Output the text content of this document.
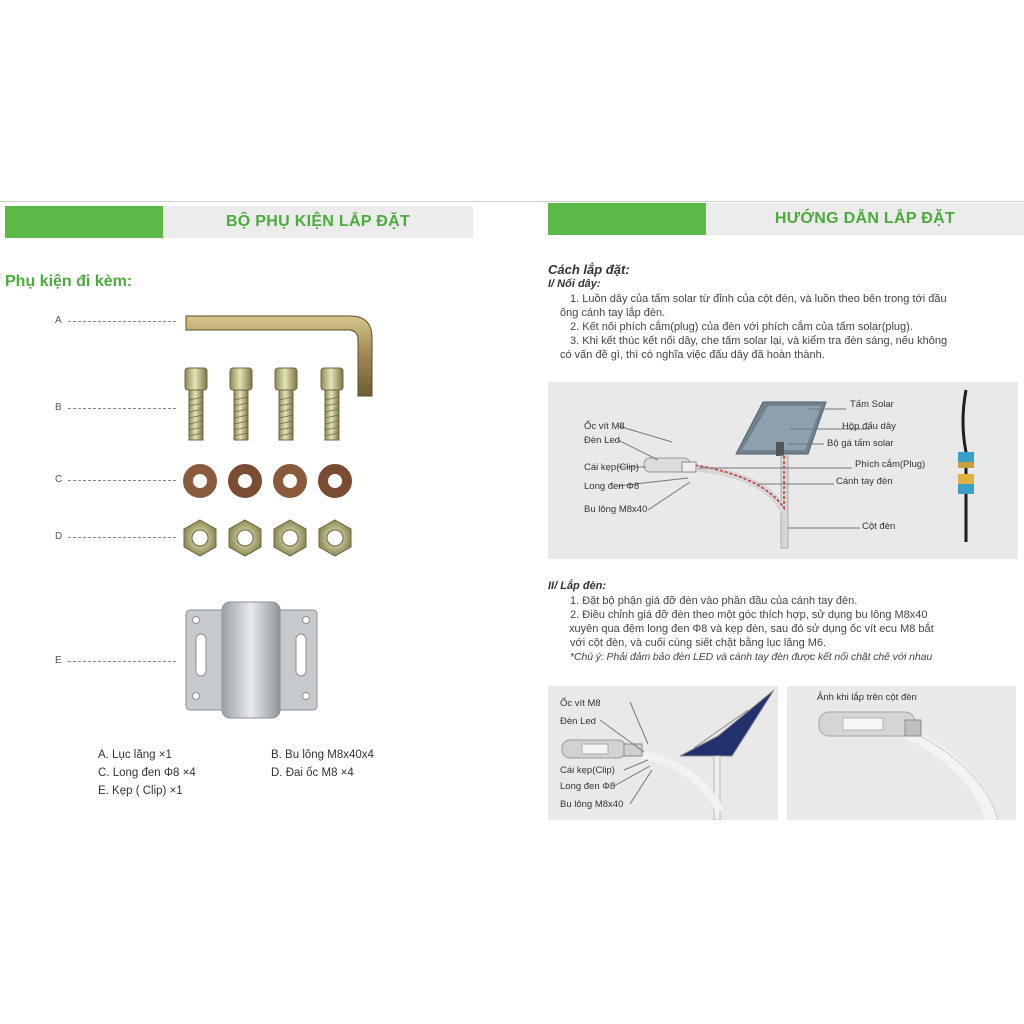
BỘ PHỤ KIỆN LẮP ĐẶT
Phụ kiện đi kèm:
A
B
C
D
E
A. Lục lăng ×1	B. Bu lông M8x40x4
C. Long đen Φ8 ×4	D. Đai ốc M8 ×4
E. Kẹp ( Clip) ×1
HƯỚNG DẪN LẮP ĐẶT
Cách lắp đặt:
I/ Nối dây:
1. Luồn dây của tấm solar từ đỉnh của cột đèn, và luồn theo bên trong tới đầu
ống cánh tay lắp đèn.
2. Kết nối phích cắm(plug) của đèn với phích cắm của tấm solar(plug).
3. Khi kết thúc kết nối dây, che tấm solar lại, và kiểm tra đèn sáng, nếu không
có vấn đề gì, thì có nghĩa việc đấu dây đã hoàn thành.
Ốc vít M8
Đèn Led
Cái kẹp(Clip)
Long đen Φ8
Bu lông M8x40
Tấm Solar
Hộp đấu dây
Bộ gá tấm solar
Phích cắm(Plug)
Cánh tay đèn
Cột đèn
II/ Lắp đèn:
1. Đặt bộ phận giá đỡ đèn vào phần đầu của cánh tay đèn.
2. Điều chỉnh giá đỡ đèn theo một góc thích hợp, sử dụng bu lông M8x40
xuyên qua đệm long đen Φ8 và kẹp đèn, sau đó sử dụng ốc vít ecu M8 bắt
với cột đèn, và cuối cùng siết chặt bằng lục lăng M6.
*Chú ý: Phải đảm bảo đèn LED và cánh tay đèn được kết nối chặt chẽ với nhau
Ốc vít M8
Đèn Led
Cái kẹp(Clip)
Long đen Φ8
Bu lông M8x40
Ảnh khi lắp trên cột đèn
